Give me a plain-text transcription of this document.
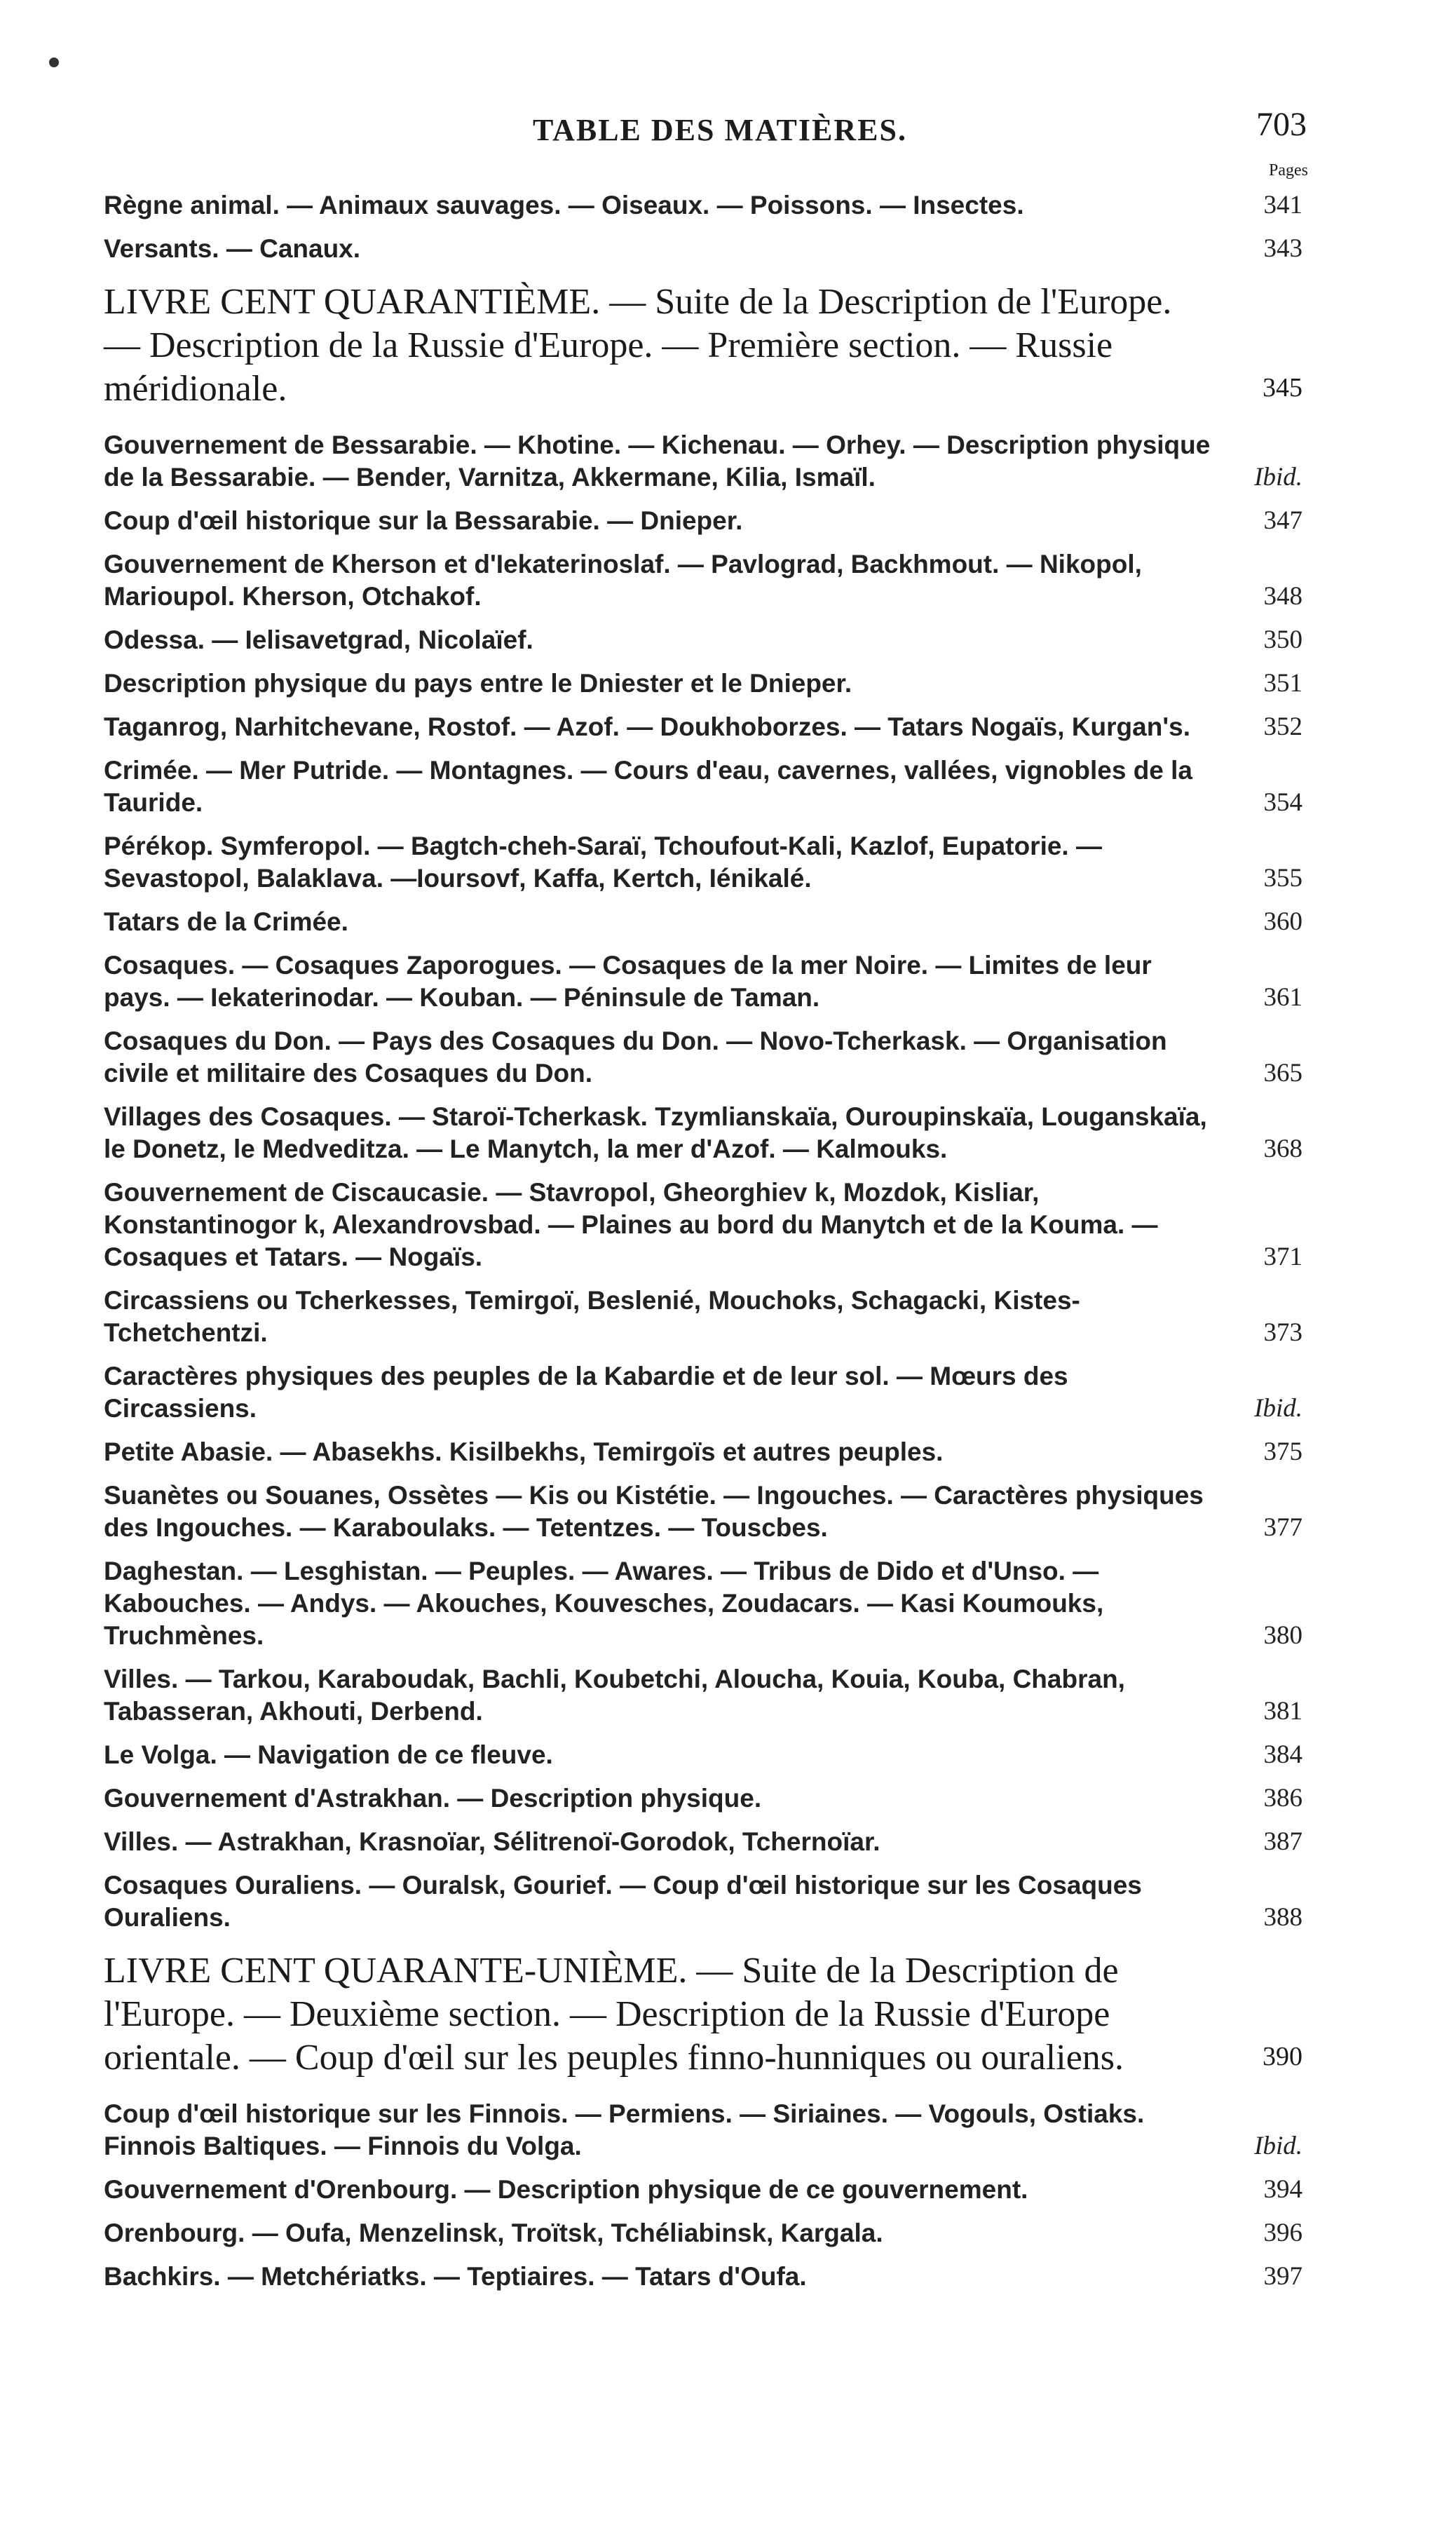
TABLE DES MATIÈRES.	703
Pages
Règne animal. — Animaux sauvages. — Oiseaux. — Poissons. — Insectes.	341
Versants. — Canaux.	343
LIVRE CENT QUARANTIÈME. — Suite de la Description de l'Europe. — Description de la Russie d'Europe. — Première section. — Russie méridionale.	345
Gouvernement de Bessarabie. — Khotine. — Kichenau. — Orhey. — Description physique de la Bessarabie. — Bender, Varnitza, Akkermane, Kilia, Ismaïl.	Ibid.
Coup d'œil historique sur la Bessarabie. — Dnieper.	347
Gouvernement de Kherson et d'Iekaterinoslaf. — Pavlograd, Backhmout. — Nikopol, Marioupol. Kherson, Otchakof.	348
Odessa. — Ielisavetgrad, Nicolaïef.	350
Description physique du pays entre le Dniester et le Dnieper.	351
Taganrog, Narhitchevane, Rostof. — Azof. — Doukhoborzes. — Tatars Nogaïs, Kurgan's.	352
Crimée. — Mer Putride. — Montagnes. — Cours d'eau, cavernes, vallées, vignobles de la Tauride.	354
Pérékop. Symferopol. — Bagtch-cheh-Saraï, Tchoufout-Kali, Kazlof, Eupatorie. — Sevastopol, Balaklava. —Ioursovf, Kaffa, Kertch, Iénikalé.	355
Tatars de la Crimée.	360
Cosaques. — Cosaques Zaporogues. — Cosaques de la mer Noire. — Limites de leur pays. — Iekaterinodar. — Kouban. — Péninsule de Taman.	361
Cosaques du Don. — Pays des Cosaques du Don. — Novo-Tcherkask. — Organisation civile et militaire des Cosaques du Don.	365
Villages des Cosaques. — Staroï-Tcherkask. Tzymlianskaïa, Ouroupinskaïa, Louganskaïa, le Donetz, le Medveditza. — Le Manytch, la mer d'Azof. — Kalmouks.	368
Gouvernement de Ciscaucasie. — Stavropol, Gheorghiev k, Mozdok, Kisliar, Konstantinogor k, Alexandrovsbad. — Plaines au bord du Manytch et de la Kouma. — Cosaques et Tatars. — Nogaïs.	371
Circassiens ou Tcherkesses, Temirgoï, Beslenié, Mouchoks, Schagacki, Kistes-Tchetchentzi.	373
Caractères physiques des peuples de la Kabardie et de leur sol. — Mœurs des Circassiens.	Ibid.
Petite Abasie. — Abasekhs. Kisilbekhs, Temirgoïs et autres peuples.	375
Suanètes ou Souanes, Ossètes — Kis ou Kistétie. — Ingouches. — Caractères physiques des Ingouches. — Karaboulaks. — Tetentzes. — Touscbes.	377
Daghestan. — Lesghistan. — Peuples. — Awares. — Tribus de Dido et d'Unso. — Kabouches. — Andys. — Akouches, Kouvesches, Zoudacars. — Kasi Koumouks, Truchmènes.	380
Villes. — Tarkou, Karaboudak, Bachli, Koubetchi, Aloucha, Kouia, Kouba, Chabran, Tabasseran, Akhouti, Derbend.	381
Le Volga. — Navigation de ce fleuve.	384
Gouvernement d'Astrakhan. — Description physique.	386
Villes. — Astrakhan, Krasnoïar, Sélitrenoï-Gorodok, Tchernoïar.	387
Cosaques Ouraliens. — Ouralsk, Gourief. — Coup d'œil historique sur les Cosaques Ouraliens.	388
LIVRE CENT QUARANTE-UNIÈME. — Suite de la Description de l'Europe. — Deuxième section. — Description de la Russie d'Europe orientale. — Coup d'œil sur les peuples finno-hunniques ou ouraliens.	390
Coup d'œil historique sur les Finnois. — Permiens. — Siriaines. — Vogouls, Ostiaks. Finnois Baltiques. — Finnois du Volga.	Ibid.
Gouvernement d'Orenbourg. — Description physique de ce gouvernement.	394
Orenbourg. — Oufa, Menzelinsk, Troïtsk, Tchéliabinsk, Kargala.	396
Bachkirs. — Metchériatks. — Teptiaires. — Tatars d'Oufa.	397
